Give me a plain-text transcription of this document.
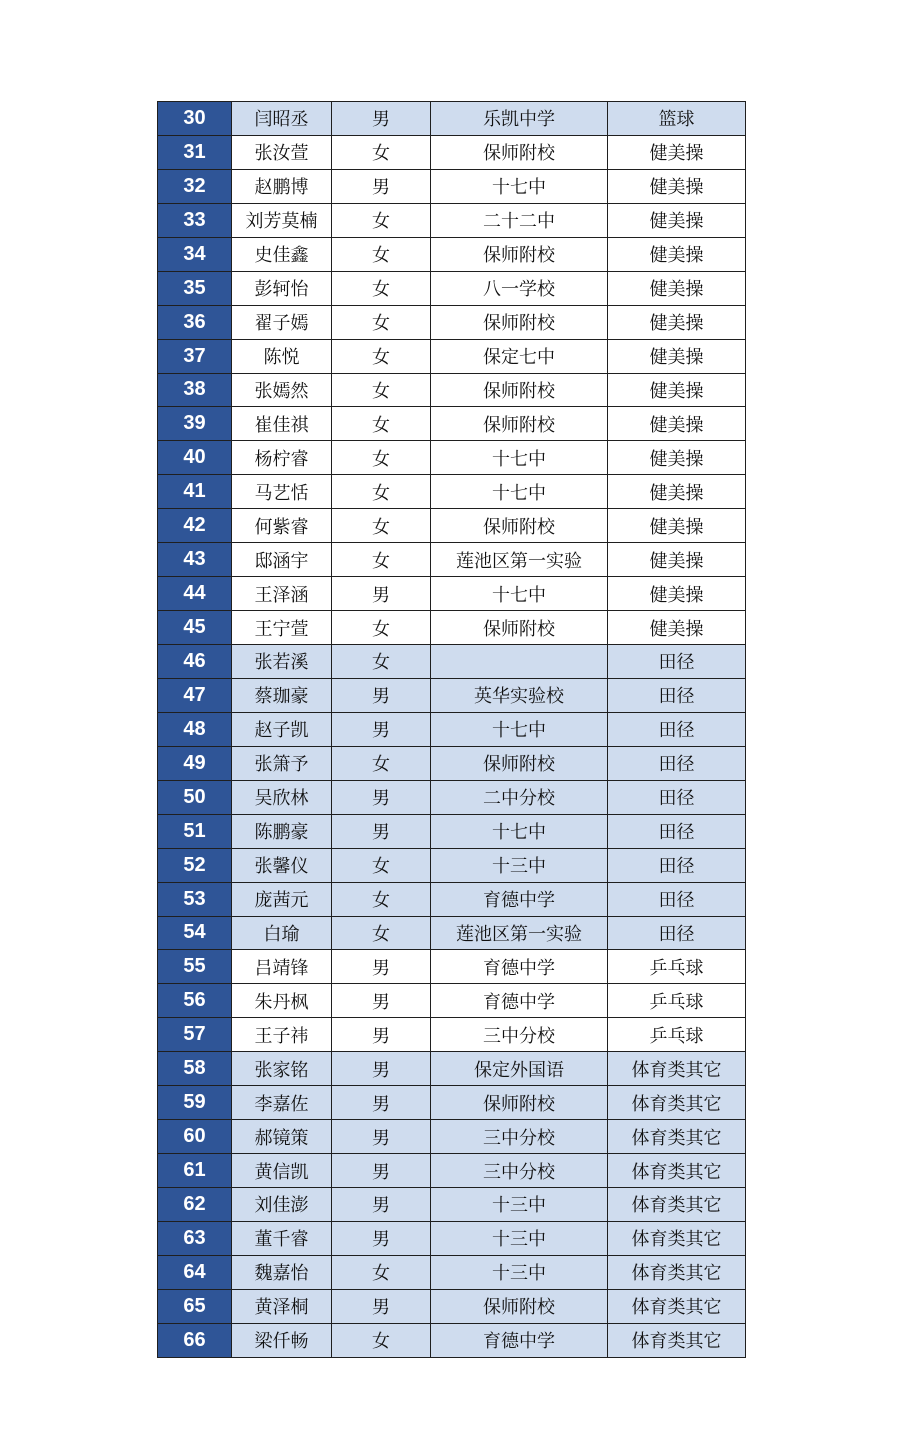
30	闫昭丞	男	乐凯中学	篮球
31	张汝萱	女	保师附校	健美操
32	赵鹏博	男	十七中	健美操
33	刘芳莫楠	女	二十二中	健美操
34	史佳鑫	女	保师附校	健美操
35	彭轲怡	女	八一学校	健美操
36	翟子嫣	女	保师附校	健美操
37	陈悦	女	保定七中	健美操
38	张嫣然	女	保师附校	健美操
39	崔佳祺	女	保师附校	健美操
40	杨柠睿	女	十七中	健美操
41	马艺恬	女	十七中	健美操
42	何紫睿	女	保师附校	健美操
43	邸涵宇	女	莲池区第一实验	健美操
44	王泽涵	男	十七中	健美操
45	王宁萱	女	保师附校	健美操
46	张若溪	女		田径
47	蔡珈豪	男	英华实验校	田径
48	赵子凯	男	十七中	田径
49	张箫予	女	保师附校	田径
50	吴欣林	男	二中分校	田径
51	陈鹏豪	男	十七中	田径
52	张馨仪	女	十三中	田径
53	庞茜元	女	育德中学	田径
54	白瑜	女	莲池区第一实验	田径
55	吕靖锋	男	育德中学	乒乓球
56	朱丹枫	男	育德中学	乒乓球
57	王子祎	男	三中分校	乒乓球
58	张家铭	男	保定外国语	体育类其它
59	李嘉佐	男	保师附校	体育类其它
60	郝镜策	男	三中分校	体育类其它
61	黄信凯	男	三中分校	体育类其它
62	刘佳澎	男	十三中	体育类其它
63	董千睿	男	十三中	体育类其它
64	魏嘉怡	女	十三中	体育类其它
65	黄泽桐	男	保师附校	体育类其它
66	梁仟畅	女	育德中学	体育类其它
